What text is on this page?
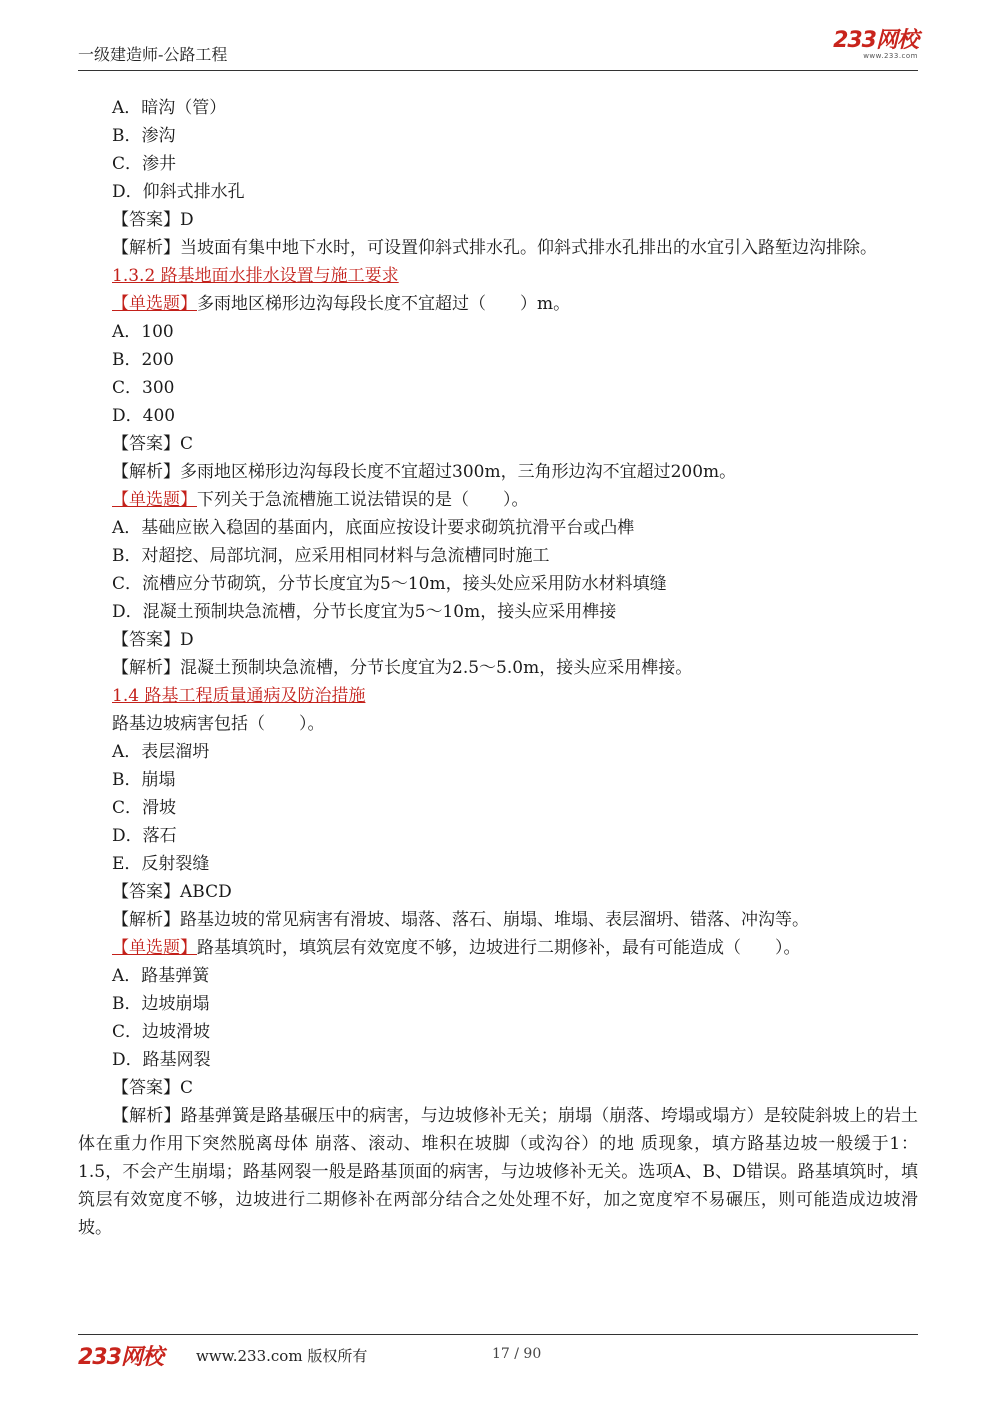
一级建造师-公路工程
233网校
www.233.com
A．暗沟（管）
B．渗沟
C．渗井
D．仰斜式排水孔
【答案】D
【解析】当坡面有集中地下水时，可设置仰斜式排水孔。仰斜式排水孔排出的水宜引入路堑边沟排除。
1.3.2 路基地面水排水设置与施工要求
【单选题】多雨地区梯形边沟每段长度不宜超过（　　）m。
A．100
B．200
C．300
D．400
【答案】C
【解析】多雨地区梯形边沟每段长度不宜超过300m，三角形边沟不宜超过200m。
【单选题】下列关于急流槽施工说法错误的是（　　）。
A．基础应嵌入稳固的基面内，底面应按设计要求砌筑抗滑平台或凸榫
B．对超挖、局部坑洞，应采用相同材料与急流槽同时施工
C．流槽应分节砌筑，分节长度宜为5～10m，接头处应采用防水材料填缝
D．混凝土预制块急流槽，分节长度宜为5～10m，接头应采用榫接
【答案】D
【解析】混凝土预制块急流槽，分节长度宜为2.5～5.0m，接头应采用榫接。
1.4 路基工程质量通病及防治措施
路基边坡病害包括（　　）。
A．表层溜坍
B．崩塌
C．滑坡
D．落石
E．反射裂缝
【答案】ABCD
【解析】路基边坡的常见病害有滑坡、塌落、落石、崩塌、堆塌、表层溜坍、错落、冲沟等。
【单选题】路基填筑时，填筑层有效宽度不够，边坡进行二期修补，最有可能造成（　　）。
A．路基弹簧
B．边坡崩塌
C．边坡滑坡
D．路基网裂
【答案】C
【解析】路基弹簧是路基碾压中的病害，与边坡修补无关；崩塌（崩落、垮塌或塌方）是较陡斜坡上的岩土体在重力作用下突然脱离母体 崩落、滚动、堆积在坡脚（或沟谷）的地 质现象，填方路基边坡一般缓于1：1.5，不会产生崩塌；路基网裂一般是路基顶面的病害，与边坡修补无关。选项A、B、D错误。路基填筑时，填筑层有效宽度不够，边坡进行二期修补在两部分结合之处处理不好，加之宽度窄不易碾压，则可能造成边坡滑坡。
233网校 www.233.com 版权所有	17 / 90
